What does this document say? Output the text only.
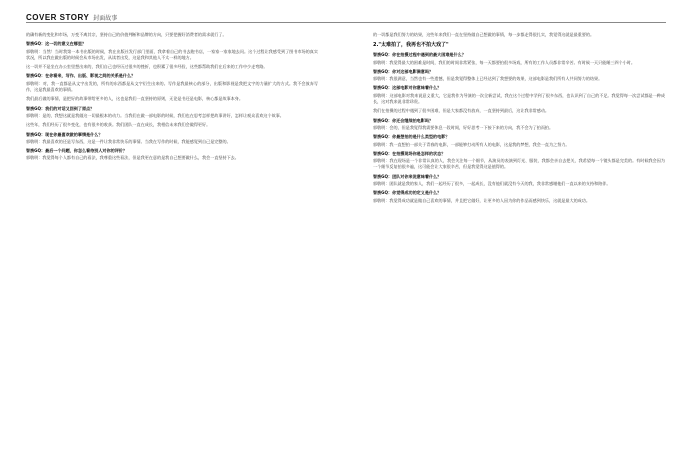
COVER STORY 封面故事
的确有新的变化和市场，万变不离其宗，坚持自己的价值判断和品牌的方向，只要把握好消费者的需求就行了。
智族GQ：这一切的意义在哪里？
郭敬明：当然！当时我第一本书出版的时候，我在出版社发行部门里面，我拿着自己的书去跑书店，一家家一家家地去问。这个过程让我感受到了图书市场的真实状况，所以我在做出版的时候会从市场出发，从读者出发，这是我和其他人不太一样的地方。
这一切并不是坐在办公室里想出来的，我们自己也经历过很多的挫折，也积累了很多经验，这些都帮助我们在后来的工作中少走弯路。
智族GQ：在你看来，写作、出版、影视之间的关系是什么？
郭敬明：对，我一直都是从文字出发的，所有的东西都是从文字衍生出来的。写作是我最核心的部分，出版和影视是我把文字的力量扩大的方式。我不会放弃写作，这是我最喜欢的事情。
我们最后做的事情，是把好的故事带给更多的人，这也是我们一直坚持的原则，无论是书还是电影，核心都是故事本身。
智族GQ：我们的对话又回到了原点？
郭敬明：是的，我想这就是我做这一切最根本的动力。当我们在做一部电影的时候，我们也在思考怎样把故事讲好，怎样让观众喜欢这个故事。
这些年，我们经历了很多变化，也有很多的收获。我们团队一直在成长，我相信未来我们会做得更好。
智族GQ：现在你最喜欢做的事情是什么？
郭敬明：我最喜欢的还是写东西，这是一件让我非常快乐的事情。当我在写作的时候，我能感觉到自己是完整的。
智族GQ：最后一个问题，你怎么看待别人对你的评价？
郭敬明：我觉得每个人都有自己的看法，我尊重这些看法，但是我更在意的是我自己想要做什么，我会一直坚持下去。
的一切都是我们努力的结果，这些年来我们一直在坚持做自己想做的事情，每一步都走得很扎实，我觉得这就是最重要的。
2."太难拍了，我再也不拍大戏了"
智族GQ：你在拍摄过程中遇到的最大困难是什么？
郭敬明：我觉得最大的困难是时间，我们的时间非常紧张，每一天都要拍很多场戏，所有的工作人员都非常辛苦。有时候一天只能睡三四个小时。
智族GQ：你对这部电影满意吗？
郭敬明：我很满意，当然也有一些遗憾，但是我觉得整体上已经达到了我想要的效果，这部电影是我们所有人共同努力的结果。
智族GQ：这部电影对你意味着什么？
郭敬明：这部电影对我来说意义重大，它是我作为导演的一次全新尝试，我在这个过程中学到了很多东西，也认识到了自己的不足。我觉得每一次尝试都是一种成长，这对我来说非常珍贵。
我们在拍摄的过程中遇到了很多困难，但是大家都没有放弃，一直坚持到最后，这让我非常感动。
智族GQ：你还会继续拍电影吗？
郭敬明：会的，但是我觉得我需要休息一段时间，好好思考一下接下来的方向，我不会为了拍而拍。
智族GQ：你最想拍的是什么类型的电影？
郭敬明：我一直想拍一部关于青春的电影，一部能够打动所有人的电影，这是我的梦想，我会一直为之努力。
智族GQ：在拍摄现场你是怎样的状态？
郭敬明：我在现场是一个非常认真的人，我会关注每一个细节，从演员的表演到灯光、服装，我都会亲自去把关，我希望每一个镜头都是完美的。有时候我会因为一个细节反复拍很多遍，这可能会让大家很辛苦，但是我觉得这是值得的。
智族GQ：团队对你来说意味着什么？
郭敬明：团队就是我的家人，我们一起经历了很多，一起成长，没有他们就没有今天的我，我非常感谢他们一直以来的支持和陪伴。
智族GQ：你觉得成功的定义是什么？
郭敬明：我觉得成功就是做自己喜欢的事情，并且把它做好，让更多的人因为你的作品而感到快乐，这就是最大的成功。
